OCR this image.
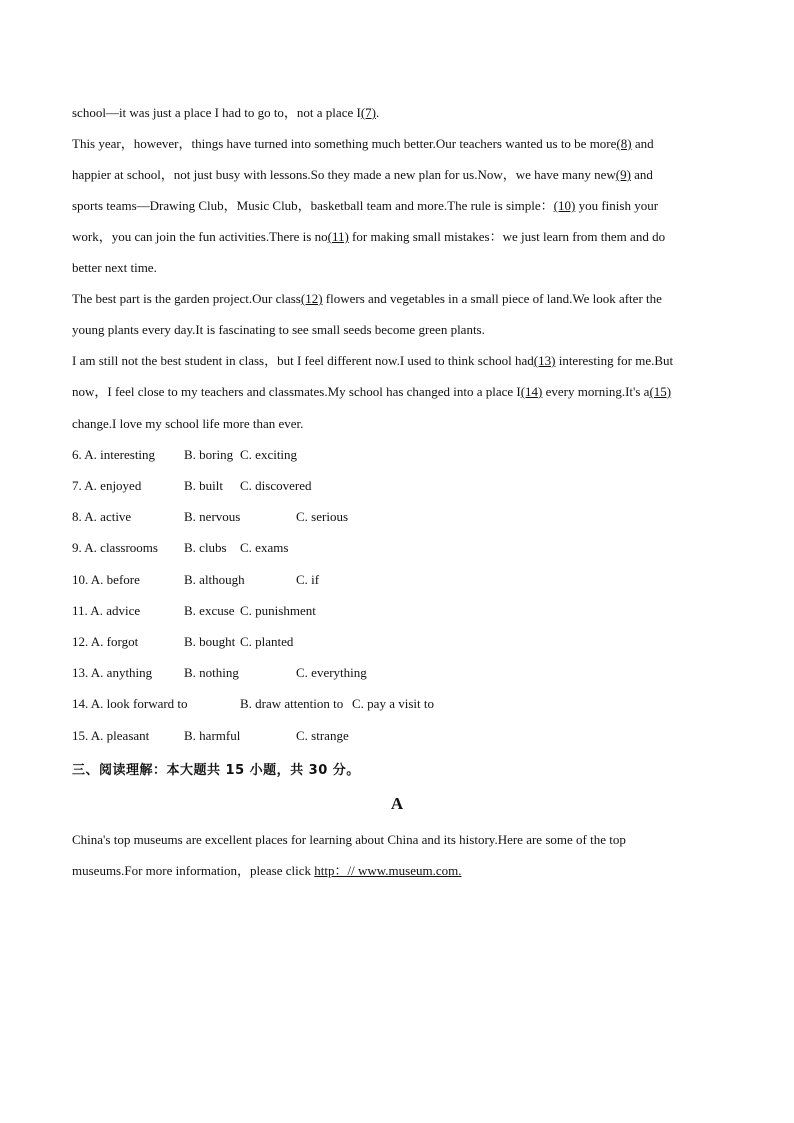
school—it was just a place I had to go to，not a place I(7).
This year，however，things have turned into something much better.Our teachers wanted us to be more(8) and
happier at school，not just busy with lessons.So they made a new plan for us.Now，we have many new(9) and
sports teams—Drawing Club，Music Club，basketball team and more.The rule is simple：(10) you finish your
work，you can join the fun activities.There is no(11) for making small mistakes：we just learn from them and do
better next time.
The best part is the garden project.Our class(12) flowers and vegetables in a small piece of land.We look after the
young plants every day.It is fascinating to see small seeds become green plants.
I am still not the best student in class，but I feel different now.I used to think school had(13) interesting for me.But
now，I feel close to my teachers and classmates.My school has changed into a place I(14) every morning.It's a(15)
change.I love my school life more than ever.
6. A. interesting B. boring C. exciting
7. A. enjoyed	B. built C. discovered
8. A. active	B. nervous	C. serious
9. A. classrooms B. clubs C. exams
10. A. before	B. although	C. if
11. A. advice	B. excuse C. punishment
12. A. forgot	B. bought C. planted
13. A. anything B. nothing	C. everything
14. A. look forward to	B. draw attention to C. pay a visit to
15. A. pleasant	B. harmful	C. strange
三、阅读理解：本大题共 15 小题，共 30 分。
A
China's top museums are excellent places for learning about China and its history.Here are some of the top
museums.For more information，please click http：// www.museum.com.
